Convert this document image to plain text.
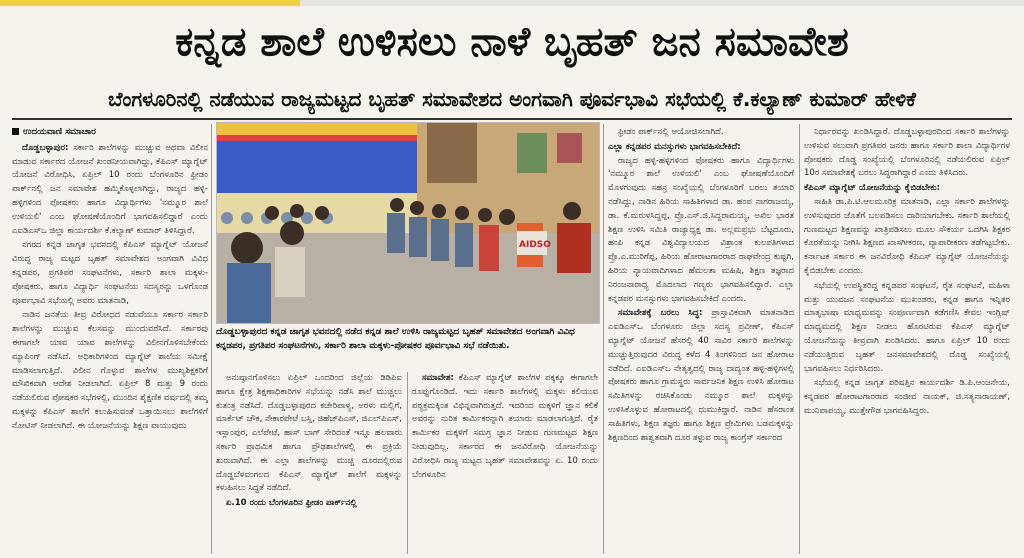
ಕನ್ನಡ ಶಾಲೆ ಉಳಿಸಲು ನಾಳೆ ಬೃಹತ್ ಜನ ಸಮಾವೇಶ
ಬೆಂಗಳೂರಿನಲ್ಲಿ ನಡೆಯುವ ರಾಜ್ಯಮಟ್ಟದ ಬೃಹತ್ ಸಮಾವೇಶದ ಅಂಗವಾಗಿ ಪೂರ್ವಭಾವಿ ಸಭೆಯಲ್ಲಿ ಕೆ.ಕಲ್ಯಾಣ್ ಕುಮಾರ್ ಹೇಳಿಕೆ
ಉದಯವಾಣಿ ಸಮಾಚಾರ

ದೊಡ್ಡಬಳ್ಳಾಪುರ: ಸರ್ಕಾರಿ ಶಾಲೆಗಳನ್ನು ಮುಚ್ಚುವ ಅಥವಾ ವಿಲೀನ ಮಾಡುವ ಸರ್ಕಾರದ ಯೋಜನೆ ಖಂಡನೀಯವಾಗಿದ್ದು, ಕೆಪಿಎಸ್ ಮ್ಯಾಗ್ನೆಟ್ ಯೋಜನೆ ವಿರೋಧಿಸಿ, ಏಪ್ರಿಲ್ 10 ರಂದು ಬೆಂಗಳೂರಿನ ಫ್ರೀಡಂ ಪಾರ್ಕ್‌ನಲ್ಲಿ ಜನ ಸಮಾವೇಶ ಹಮ್ಮಿಕೊಳ್ಳಲಾಗಿದ್ದು, ರಾಜ್ಯದ ಹಳ್ಳಿ-ಹಳ್ಳಿಗಳಿಂದ ಪೋಷಕರು ಹಾಗೂ ವಿದ್ಯಾರ್ಥಿಗಳು 'ನಮ್ಮೂರ ಶಾಲೆ ಉಳಿಯಲಿ' ಎಂಬ ಘೋಷಣೆಯೊಂದಿಗೆ ಭಾಗವಹಿಸಲಿದ್ದಾರೆ ಎಂದು ಎಐಡಿಎಸ್‌ಒ ಜಿಲ್ಲಾ ಕಾರ್ಯದರ್ಶಿ ಕೆ.ಕಲ್ಯಾಣ್ ಕುಮಾರ್ ತಿಳಿಸಿದ್ದಾರೆ.

ನಗರದ ಕನ್ನಡ ಜಾಗೃತ ಭವನದಲ್ಲಿ ಕೆಪಿಎಸ್ ಮ್ಯಾಗ್ನೆಟ್ ಯೋಜನೆ ವಿರುದ್ಧ ರಾಜ್ಯ ಮಟ್ಟದ ಬೃಹತ್ ಸಮಾವೇಶದ ಅಂಗವಾಗಿ ವಿವಿಧ ಕನ್ನಡಪರ, ಪ್ರಗತಿಪರ ಸಂಘಟನೆಗಳು, ಸರ್ಕಾರಿ ಶಾಲಾ ಮಕ್ಕಳು-ಪೋಷಕರು, ಹಾಗೂ ವಿದ್ಯಾರ್ಥಿ ಸಂಘಟನೆಯ ಸದಸ್ಯರನ್ನು ಒಳಗೊಂಡ ಪೂರ್ವಭಾವಿ ಸಭೆಯಲ್ಲಿ ಅವರು ಮಾತನಾಡಿ,

ನಾಡಿನ ಜನತೆಯ ತೀವ್ರ ವಿರೋಧದ ನಡುವೆಯೂ ಸರ್ಕಾರ ಸರ್ಕಾರಿ ಶಾಲೆಗಳನ್ನು ಮುಚ್ಚುವ ಕೆಲಸವನ್ನು ಮುಂದುವರೆಸಿದೆ. ಸರ್ಕಾರವು ಈಗಾಗಲೇ ಯಾವ ಯಾವ ಶಾಲೆಗಳನ್ನು ವಿಲೀನಗೊಳಿಸಬೇಕೆಂದು ಮ್ಯಾಪಿಂಗ್ ನಡೆಸಿದೆ. ಅಧಿಕಾರಿಗಳಿಂದ ಮ್ಯಾಗ್ನೆಟ್ ಶಾಲೆಯ ಸಮೀಕ್ಷೆ ಮಾಡಿಸಲಾಗುತ್ತಿದೆ. ವಿಲೀನ ಗೊಳ್ಳುವ ಶಾಲೆಗಳ ಮುಖ್ಯಶಿಕ್ಷಕರಿಗೆ ಮೌಖಿಕವಾಗಿ ಆದೇಶ ನೀಡಲಾಗಿದೆ. ಏಪ್ರಿಲ್ 8 ಮತ್ತು 9 ರಂದು ನಡೆಯಲಿರುವ ಪೋಷಕರ ಸಭೆಗಳಲ್ಲಿ, ಮುಂದಿನ ಶೈಕ್ಷಣಿಕ ವರ್ಷದಲ್ಲಿ ತಮ್ಮ ಮಕ್ಕಳನ್ನು ಕೆಪಿಎಸ್ ಶಾಲೆಗೆ ಕಲುಹಿಸುವಂತೆ ಒತ್ತಾಯಿಸಲು ಶಾಲೆಗಳಿಗೆ ನೋಟಿಸ್ ನೀಡಲಾಗಿದೆ. ಈ ಯೋಜನೆಯನ್ನು ಶಿಕ್ಷಣ ವಾಯುವುದು

AIDSO
ದೊಡ್ಡಬಳ್ಳಾಪುರದ ಕನ್ನಡ ಜಾಗೃತ ಭವನದಲ್ಲಿ ನಡೆದ ಕನ್ನಡ ಶಾಲೆ ಉಳಿಸಿ ರಾಜ್ಯಮಟ್ಟದ ಬೃಹತ್ ಸಮಾವೇಶದ ಅಂಗವಾಗಿ ವಿವಿಧ ಕನ್ನಡಪರ, ಪ್ರಗತಿಪರ ಸಂಘಟನೆಗಳು, ಸರ್ಕಾರಿ ಶಾಲಾ ಮಕ್ಕಳು-ಪೋಷಕರ ಪೂರ್ವಭಾವಿ ಸಭೆ ನಡೆಯಿತು.

ಅನುಷ್ಠಾನಗೊಳಿಸಲು ಏಪ್ರಿಲ್ ಒಂದರಿಂದ ಜಿಲ್ಲೆಯ ಡಿಡಿಪಿಐ ಹಾಗೂ ಕ್ಷೇತ್ರ ಶಿಕ್ಷಣಾಧಿಕಾರಿಗಳ ಸಭೆಯನ್ನು ನಡೆಸಿ ಶಾಲೆ ಮುಚ್ಚಲು ಕುತಂತ್ರ ನಡೆಸಿದೆ. ದೊಡ್ಡಬಳ್ಳಾಪುರದ ಕಚೇರಿಪಾಳ್ಯ, ಅರಳು ಮಲ್ಲಿಗೆ, ಮಾರ್ಕೆಟ್ ಚೌಕ, ನೇಕಾರಪೇಟೆ ಬಸ್ತಿ, ಜಿಹೆಚ್‌ಪಿಎಸ್, ಜಿಎಲ್‌ಪಿಎಸ್, ಇಸ್ಲಾಂಪುರ, ಎಲೆಪೇಟೆ, ಹಾಸ್ ಬಾಗ್ ಸೇರಿದಂತೆ ಇನ್ನೂ ಹಲವಾರು ಸರ್ಕಾರಿ ಪ್ರಾಥಮಿಕ ಹಾಗೂ ಪ್ರೌಢಶಾಲೆಗಳಲ್ಲಿ ಈ ಪ್ರಕ್ರಿಯೆ ಶುರುವಾಗಿದೆ. ಈ ಎಲ್ಲಾ ಶಾಲೆಗಳನ್ನು ಮುಚ್ಚಿ ದೂರದಲ್ಲಿರುವ ದೊಡ್ಡಬೆಳವಂಗಲದ ಕೆಪಿಎಸ್ ಮ್ಯಾಗ್ನೆಟ್ ಶಾಲೆಗೆ ಮಕ್ಕಳನ್ನು ಕಳುಹಿಸಲು ಸಿದ್ಧತೆ ನಡೆದಿದೆ.

ಏ.10 ರಂದು ಬೆಂಗಳೂರಿನ ಫ್ರೀಡಂ ಪಾರ್ಕ್‌ನಲ್ಲಿ

ಸಮಾವೇಶ: ಕೆಪಿಎಸ್ ಮ್ಯಾಗ್ನೆಟ್ ಶಾಲೆಗಳ ಪಕ್ಕಕ್ಕೂ ಈಗಾಗಲೇ ರೂಪ್ಪುಗೊಂಡಿದೆ. ಇದು ಸರ್ಕಾರಿ ಶಾಲೆಗಳಲ್ಲಿ ಮಕ್ಕಳು ಕಲಿಯುವ ಪಠ್ಯಕ್ರಮಕ್ಕಿಂತ ವಿಭಿನ್ನವಾಗಿರುತ್ತದೆ. ಇದರಿಂದ ಮಕ್ಕಳಿಗೆ ಜ್ಞಾನ ಕಲಿಕೆ ಅವರನ್ನು ನುರಿತ ಕಾರ್ಮಿಕರನ್ನಾಗಿ ತಯಾರು ಮಾಡಲಾಗುತ್ತಿದೆ. ರೈತ ಕಾರ್ಮಿಕರ ಮಕ್ಕಳಿಗೆ ಸಮಗ್ರ ಜ್ಞಾನ ನೀಡುವ ಗುಣಮಟ್ಟದ ಶಿಕ್ಷಣ ನೀಡುವುದಿಲ್ಲ. ಸರ್ಕಾರದ ಈ ಜನವಿರೋಧಿ ಯೋಜನೆಯನ್ನು ವಿರೋಧಿಸಿ ರಾಜ್ಯ ಮಟ್ಟದ ಬೃಹತ್ ಸಮಾವೇಶವನ್ನು ಏ. 10 ರಂದು ಬೆಂಗಳೂರಿನ

ಫ್ರೀಡಂ ಪಾರ್ಕ್‌ನಲ್ಲಿ ಆಯೋಜಿಸಲಾಗಿದೆ.

ಎಲ್ಲಾ ಕನ್ನಡಪರ ಮನಸ್ಸುಗಳು ಭಾಗವಹಿಸಬೇಕಿದೆ:

ರಾಜ್ಯದ ಹಳ್ಳಿ-ಹಳ್ಳಿಗಳಿಂದ ಪೋಷಕರು ಹಾಗೂ ವಿದ್ಯಾರ್ಥಿಗಳು 'ನಮ್ಮೂರ ಶಾಲೆ ಉಳಿಯಲಿ' ಎಂಬ ಘೋಷಣೆಯೊಂದಿಗೆ ಮೊಳಗುವುದು ಸಹಸ್ರ ಸಂಖ್ಯೆಯಲ್ಲಿ ಬೆಂಗಳೂರಿಗೆ ಬರಲು ತಯಾರಿ ನಡೆಸಿದ್ದು, ನಾಡಿನ ಹಿರಿಯ ಸಾಹಿತಿಗಳಾದ ಡಾ. ಹಂಪ ನಾಗರಾಜಯ್ಯ, ಡಾ. ಕೆ.ಮರುಳಸಿದ್ದಪ್ಪ, ಪ್ರೊ.ಎಸ್.ಜಿ.ಸಿದ್ದರಾಮಯ್ಯ, ಅಖಿಲ ಭಾರತ ಶಿಕ್ಷಣ ಉಳಿಸಿ ಸಮಿತಿ ರಾಜ್ಯಾಧ್ಯಕ್ಷ ಡಾ. ಅಲ್ಲಮಪ್ರಭು ಬೆಟ್ಟದೂರು, ಹಂಪಿ ಕನ್ನಡ ವಿಶ್ವವಿದ್ಯಾಲಯದ ವಿಶ್ರಾಂತ ಕುಲಪತಿಗಳಾದ ಪ್ರೊ.ಎ.ಮುರಿಗೆಪ್ಪ, ಹಿರಿಯ ಹೋರಾಟಗಾರರಾದ ರಾಘವೇಂದ್ರ ಕುಷ್ಟಗಿ, ಹಿರಿಯ ನ್ಯಾಯವಾದಿಗಳಾದ ಹೆಮಲತಾ ಮಹಿಷಿ, ಶಿಕ್ಷಣ ತಜ್ಞರಾದ ನಿರಂಜನಾರಾಧ್ಯ ಮೊದಲಾದ ಗಣ್ಯರು ಭಾಗವಹಿಸಲಿದ್ದಾರೆ. ಎಲ್ಲಾ ಕನ್ನಡಪರ ಮನಸ್ಸುಗಳು ಭಾಗವಹಿಸಬೇಕಿದೆ ಎಂದರು.

ಸಮಾವೇಶಕ್ಕೆ ಬರಲು ಸಿದ್ಧ: ಪ್ರಾಸ್ತಾವಿಕವಾಗಿ ಮಾತನಾಡಿದ ಎಐಡಿಎಸ್‌ಒ ಬೆಂಗಳೂರು ಜಿಲ್ಲಾ ಸದಸ್ಯ ಪ್ರವೀಣ್, ಕೆಪಿಎಸ್ ಮ್ಯಾಗ್ನೆಟ್ ಯೋಜನೆ ಹೆಸರಲ್ಲಿ 40 ಸಾವಿರ ಸರ್ಕಾರಿ ಶಾಲೆಗಳನ್ನು ಮುಚ್ಚುತ್ತಿರುವುದರ ವಿರುದ್ಧ ಕಳೆದ 4 ತಿಂಗಳಿನಿಂದ ಜನ ಹೋರಾಟ ನಡೆದಿದೆ. ಎಐಡಿಎಸ್‌ಒ ನೇತೃತ್ವದಲ್ಲಿ ರಾಜ್ಯ ದಾದ್ಯಂತ ಹಳ್ಳಿ-ಹಳ್ಳಿಗಳಲ್ಲಿ ಪೋಷಕರು ಹಾಗೂ ಗ್ರಾಮಸ್ಥರು ಸಾರ್ವಜನಿಕ ಶಿಕ್ಷಣ ಉಳಿಸಿ ಹೋರಾಟ ಸಮಿತಿಗಳನ್ನು ರಚಿಸಿಕೊಂಡು ನಮ್ಮೂರ ಶಾಲೆ ಮಕ್ಕಳನ್ನು ಉಳಿಸಿಕೊಳ್ಳುವ ಹೋರಾಟದಲ್ಲಿ ಧುಮುಕಿದ್ದಾರೆ. ನಾಡಿನ ಹೆಸರಾಂತ ಸಾಹಿತಿಗಳು, ಶಿಕ್ಷಣ ತಜ್ಞರು ಹಾಗೂ ಶಿಕ್ಷಣ ಪ್ರೇಮಿಗಳು ಬಡಮಕ್ಕಳನ್ನು ಶಿಕ್ಷಣದಿಂದ ಶಾಶ್ವತವಾಗಿ ದೂರ ತಳ್ಳುವ ರಾಜ್ಯ ಕಾಂಗ್ರೆಸ್ ಸರ್ಕಾರದ

ನಿರ್ಧಾರವನ್ನು ಖಂಡಿಸಿದ್ದಾರೆ. ದೊಡ್ಡಬಳ್ಳಾಪುರದಿಂದ ಸರ್ಕಾರಿ ಶಾಲೆಗಳನ್ನು ಉಳಿಸುವ ಸಲುವಾಗಿ ಪ್ರಗತಿಪರ ಜನರು ಹಾಗೂ ಸರ್ಕಾರಿ ಶಾಲಾ ವಿದ್ಯಾರ್ಥಿಗಳ ಪೋಷಕರು ದೊಡ್ಡ ಸಂಖ್ಯೆಯಲ್ಲಿ ಬೆಂಗಳೂರಿನಲ್ಲಿ ನಡೆಯಲಿರುವ ಏಪ್ರಿಲ್ 10ರ ಸಮಾವೇಶಕ್ಕೆ ಬರಲು ಸಿದ್ಧರಾಗಿದ್ದಾರೆ ಎಂದು ತಿಳಿಸಿದರು.

ಕೆಪಿಎಸ್ ಮ್ಯಾಗ್ನೆಟ್ ಯೋಜನೆಯನ್ನು ಕೈಬಿಡಬೇಕು:

ಸಾಹಿತಿ ಡಾ.ಪಿ.ಟಿ.ಆಲಮೂರಿಕ್ರ ಮಾತನಾಡಿ, ಎಲ್ಲಾ ಸರ್ಕಾರಿ ಶಾಲೆಗಳನ್ನು ಉಳಿಸುವುದರ ಜೊತೆಗೆ ಬಲಪಡಿಸಲು ದಾರಿಯಾಗಬೇಕು. ಸರ್ಕಾರಿ ಶಾಲೆಯಲ್ಲಿ ಗುಣಮಟ್ಟದ ಶಿಕ್ಷಣವನ್ನು ಖಾತ್ರಿಪಡಿಸಲು ಮೂಲ ಸೌಕರ್ಯ ಒದಗಿಸಿ ಶಿಕ್ಷಕರ ಕೊರತೆಯನ್ನು ನೀಗಿಸಿ ಶಿಕ್ಷಣದ ಖಾಸಗೀಕರಣ, ವ್ಯಾಪಾರೀಕರಣ ತಡೆಗಟ್ಟಬೇಕು. ಕರ್ನಾಟಕ ಸರ್ಕಾರ ಈ ಜನವಿರೋಧಿ ಕೆಪಿಎಸ್ ಮ್ಯಾಗ್ನೆಟ್ ಯೋಜನೆಯನ್ನು ಕೈಬಿಡಬೇಕು ಎಂದರು.

ಸಭೆಯಲ್ಲಿ ಉಪಸ್ಥಿತರಿದ್ದ ಕನ್ನಡಪರ ಸಂಘಟನೆ, ರೈತ ಸಂಘಟನೆ, ಮಹಿಳಾ ಮತ್ತು ಯುವಜನ ಸಂಘಟನೆಯ ಮುಖಂಡರು, ಕನ್ನಡ ಹಾಗೂ ಇನ್ನಿತರ ಮಾತೃಭಾಷಾ ಮಾಧ್ಯಮವನ್ನು ಸಂಪೂರ್ಣವಾಗಿ ಕಡೆಗಣಿಸಿ ಕೇವಲ ಇಂಗ್ಲಿಷ್ ಮಾಧ್ಯಮದಲ್ಲಿ ಶಿಕ್ಷಣ ನೀಡಲು ಹೊರಟಿರುವ ಕೆಪಿಎಸ್ ಮ್ಯಾಗ್ನೆಟ್ ಯೋಜನೆಯನ್ನು ತೀವ್ರವಾಗಿ ಖಂಡಿಸಿದರು. ಹಾಗೂ ಏಪ್ರಿಲ್ 10 ರಂದು ನಡೆಯುತ್ತಿರುವ ಬೃಹತ್ ಜನಸಮಾವೇಶದಲ್ಲಿ ದೊಡ್ಡ ಸಂಖ್ಯೆಯಲ್ಲಿ ಭಾಗವಹಿಸಲು ನಿರ್ಧರಿಸಿದರು.

ಸಭೆಯಲ್ಲಿ ಕನ್ನಡ ಜಾಗೃತ ಪರಿಷತ್ತಿನ ಕಾರ್ಯದರ್ಶಿ ಡಿ.ಪಿ.ಆಂಜನೇಯ, ಕನ್ನಡಪರ ಹೋರಾಟಗಾರರಾದ ಸಂಜೀವ ನಾಯಕ್, ಜಿ.ಸತ್ಯನಾರಾಯಣ್, ಮುನಿಪಾಪಯ್ಯ, ಮುತ್ತೇಗೌಡ ಭಾಗವಹಿಸಿದ್ದರು.
